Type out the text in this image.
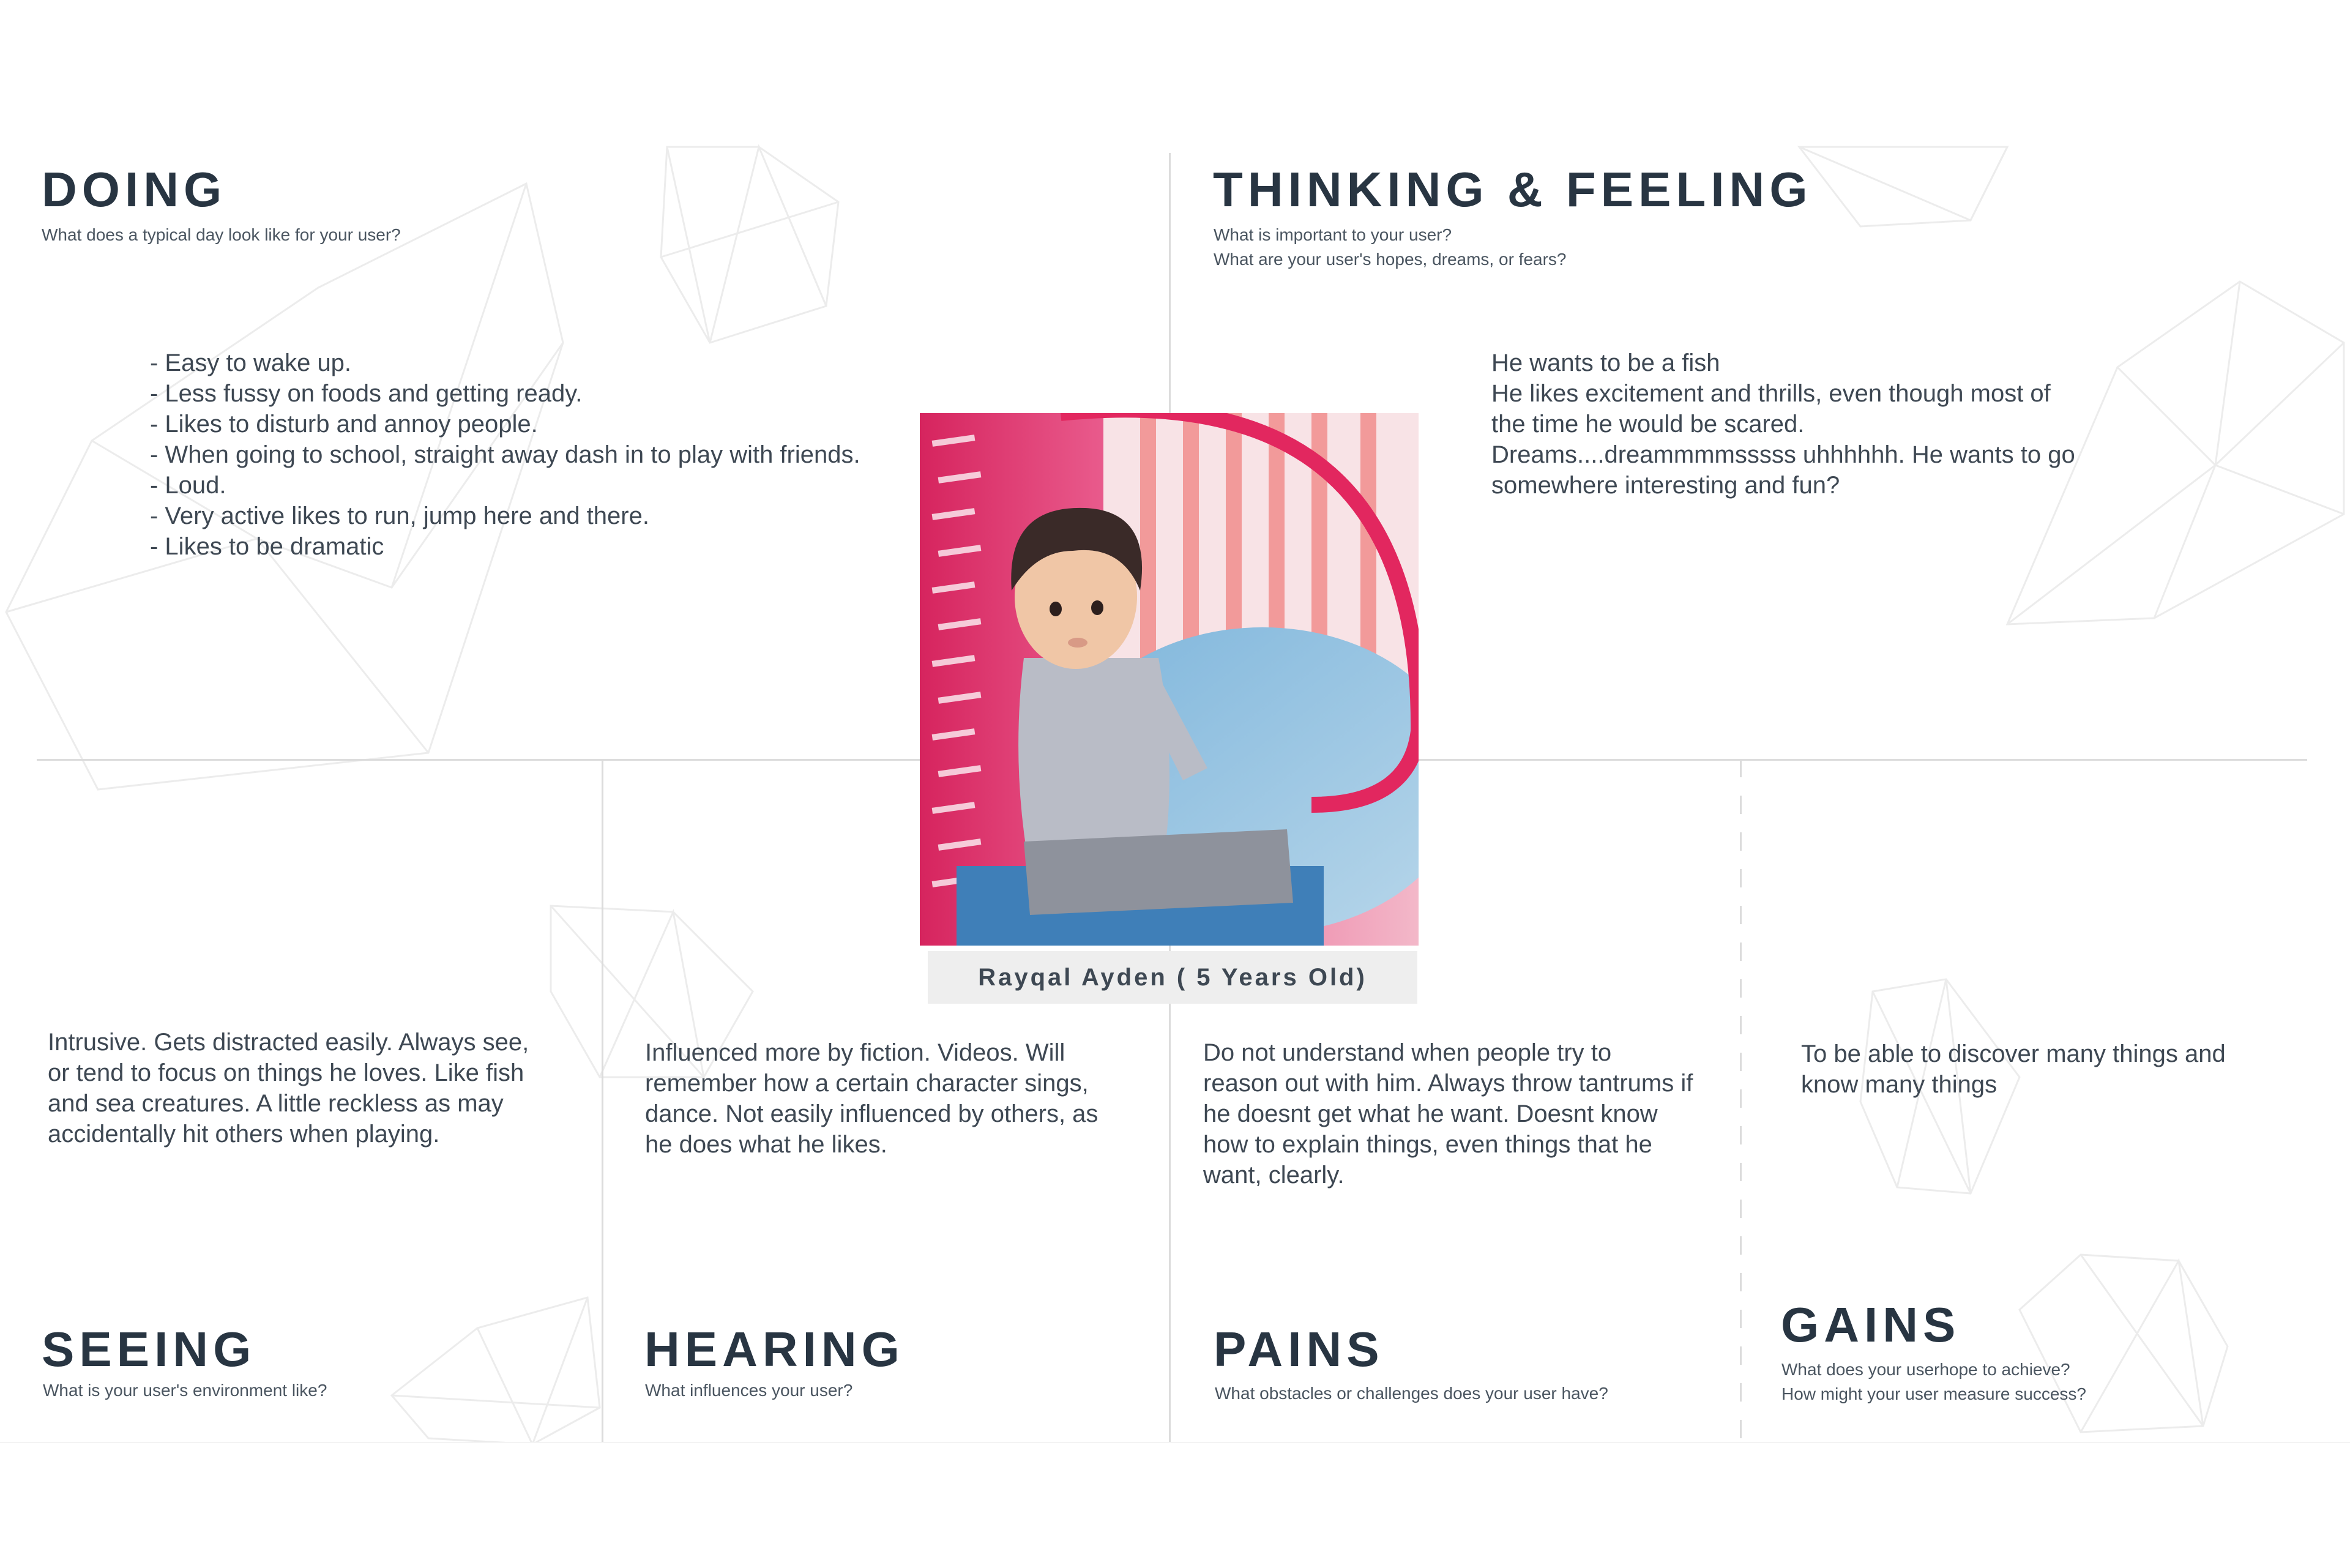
DOING
What does a typical day look like for your user?
- Easy to wake up.
- Less fussy on foods and getting ready.
- Likes to disturb and annoy people.
- When going to school, straight away dash in to play with friends.
- Loud.
- Very active likes to run, jump here and there.
- Likes to be dramatic
THINKING & FEELING
What is important to your user?
What are your user's hopes, dreams, or fears?
He wants to be a fish
He likes excitement and thrills, even though most of
the time he would be scared.
Dreams....dreammmmsssss uhhhhhh. He wants to go
somewhere interesting and fun?
Rayqal Ayden ( 5 Years Old)
Intrusive. Gets distracted easily. Always see,
or tend to focus on things he loves. Like fish
and sea creatures. A little reckless as may
accidentally hit others when playing.
SEEING
What is your user's environment like?
Influenced more by fiction. Videos. Will
remember how a certain character sings,
dance. Not easily influenced by others, as
he does what he likes.
HEARING
What influences your user?
Do not understand when people try to
reason out with him. Always throw tantrums if
he doesnt get what he want. Doesnt know
how to explain things, even things that he
want, clearly.
PAINS
What obstacles or challenges does your user have?
To be able to discover many things and
know many things
GAINS
What does your userhope to achieve?
How might your user measure success?
